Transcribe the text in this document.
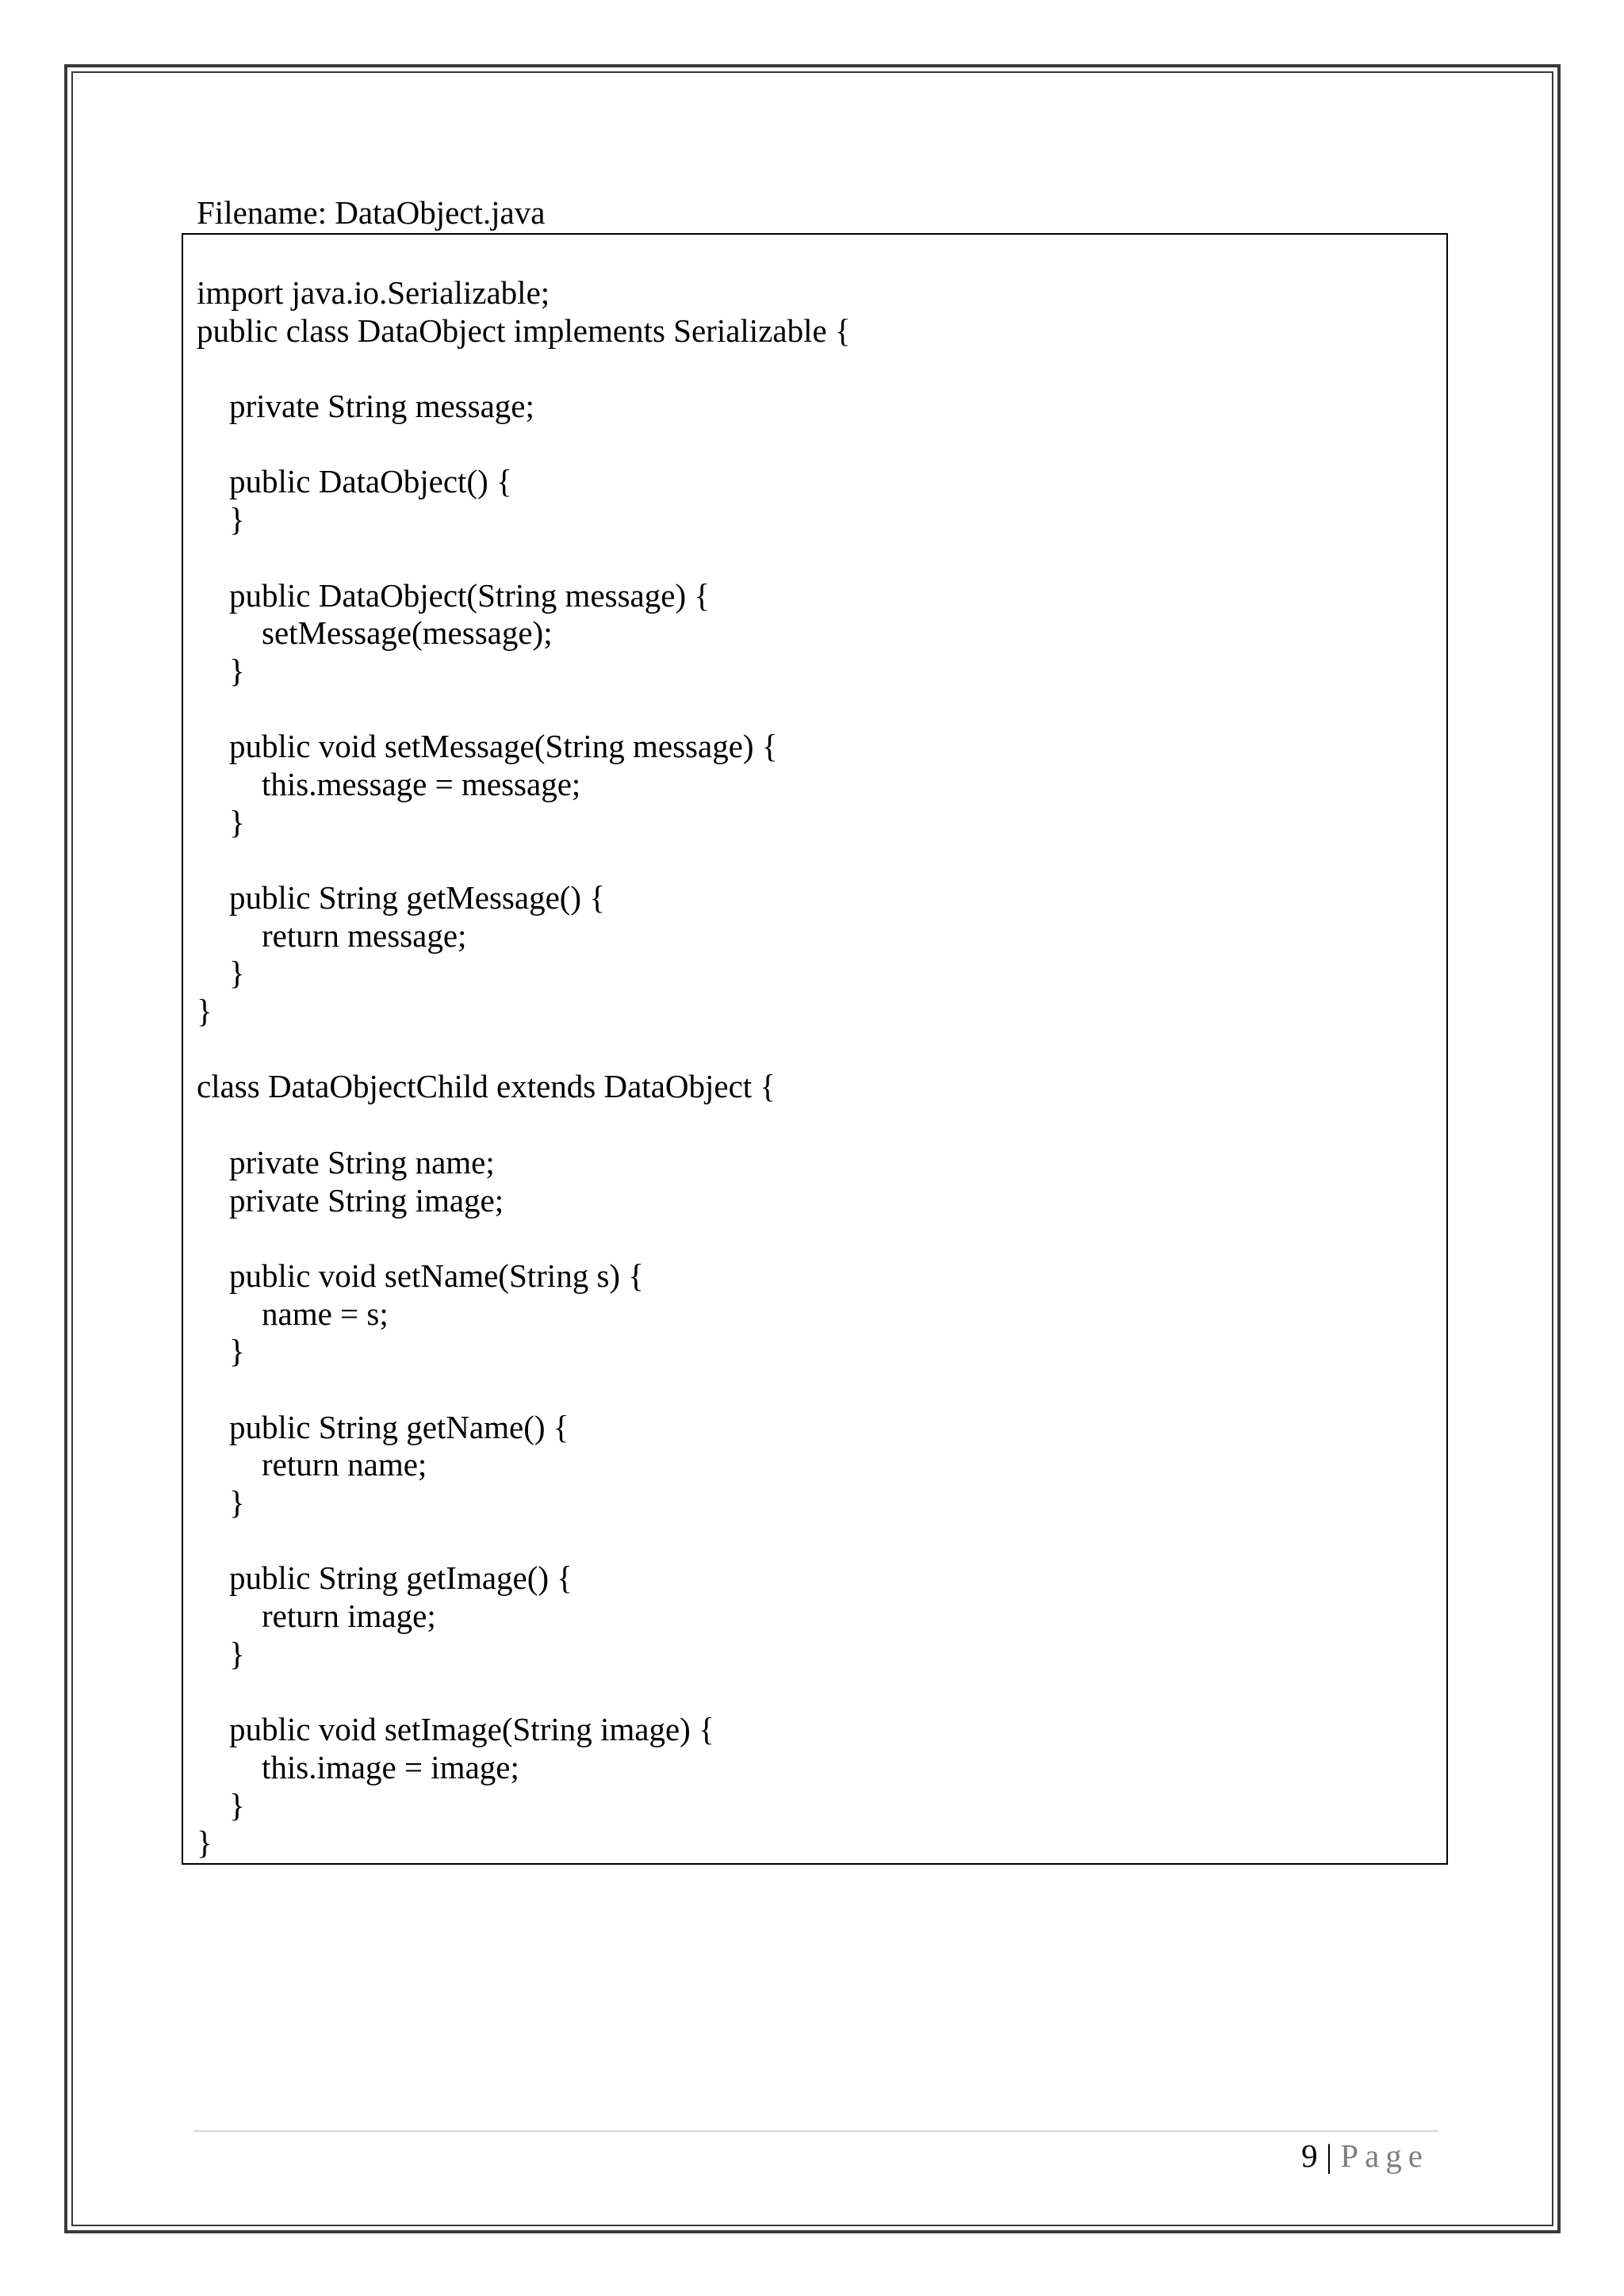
Filename: DataObject.java
import java.io.Serializable;
public class DataObject implements Serializable {
private String message;
public DataObject() {
}
public DataObject(String message) {
setMessage(message);
}
public void setMessage(String message) {
this.message = message;
}
public String getMessage() {
return message;
}
}
class DataObjectChild extends DataObject {
private String name;
private String image;
public void setName(String s) {
name = s;
}
public String getName() {
return name;
}
public String getImage() {
return image;
}
public void setImage(String image) {
this.image = image;
}
}
9 | Page
